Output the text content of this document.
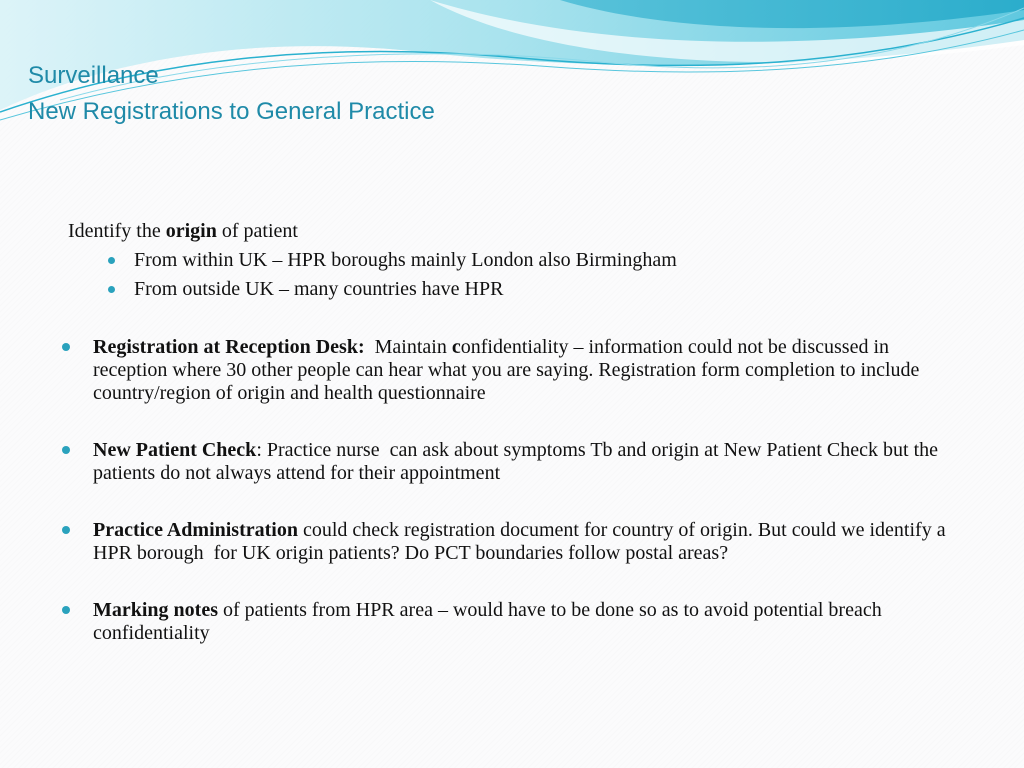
Surveillance
New Registrations to General Practice
Identify the origin of patient
From within UK – HPR boroughs mainly London also Birmingham
From outside UK – many countries have HPR
Registration at Reception Desk:  Maintain confidentiality – information could not be discussed in reception where 30 other people can hear what you are saying. Registration form completion to include country/region of origin and health questionnaire
New Patient Check: Practice nurse  can ask about symptoms Tb and origin at New Patient Check but the patients do not always attend for their appointment
Practice Administration could check registration document for country of origin. But could we identify a HPR borough  for UK origin patients? Do PCT boundaries follow postal areas?
Marking notes of patients from HPR area – would have to be done so as to avoid potential breach confidentiality
